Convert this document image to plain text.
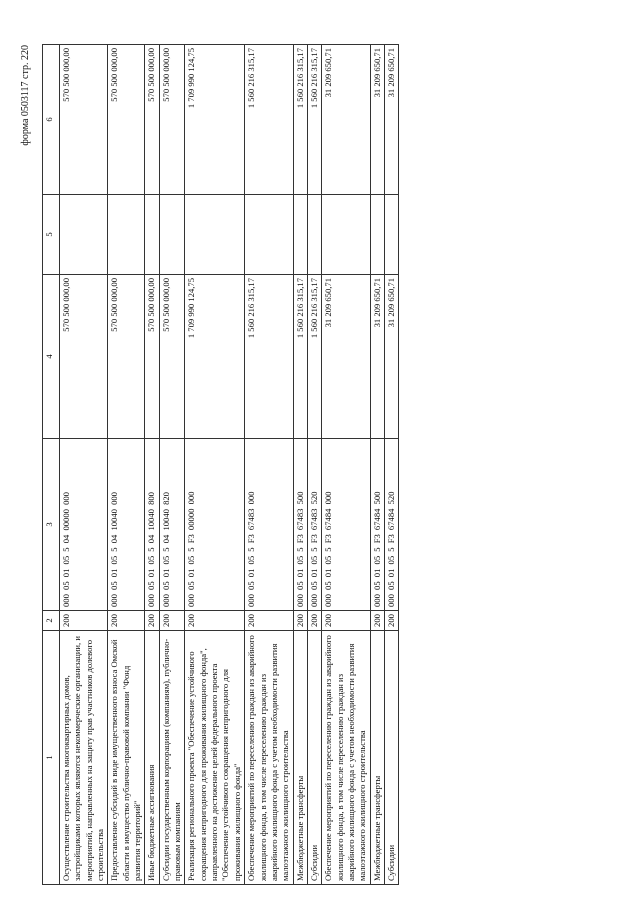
форма 0503117 стр. 220
1	2	3	4	5	6
Осуществление строительства многоквартирных домов, застройщиками которых являются некоммерческие организации, и мероприятий, направленных на защиту прав участников долевого строительства	200	000 05 01 05 5 04 00000 000	570 500 000,00		570 500 000,00
Предоставление субсидий в виде имущественного взноса Омской области в имущество публично-правовой компании "Фонд развития территорий"	200	000 05 01 05 5 04 10040 000	570 500 000,00		570 500 000,00
Иные бюджетные ассигнования	200	000 05 01 05 5 04 10040 800	570 500 000,00		570 500 000,00
Субсидии государственным корпорациям (компаниям), публично-правовым компаниям	200	000 05 01 05 5 04 10040 820	570 500 000,00		570 500 000,00
Реализация регионального проекта "Обеспечение устойчивого сокращения непригодного для проживания жилищного фонда", направленного на достижение целей федерального проекта "Обеспечение устойчивого сокращения непригодного для проживания жилищного фонда"	200	000 05 01 05 5 F3 00000 000	1 709 990 124,75		1 709 990 124,75
Обеспечение мероприятий по переселению граждан из аварийного жилищного фонда, в том числе переселению граждан из аварийного жилищного фонда с учетом необходимости развития малоэтажного жилищного строительства	200	000 05 01 05 5 F3 67483 000	1 560 216 315,17		1 560 216 315,17
Межбюджетные трансферты	200	000 05 01 05 5 F3 67483 500	1 560 216 315,17		1 560 216 315,17
Субсидии	200	000 05 01 05 5 F3 67483 520	1 560 216 315,17		1 560 216 315,17
Обеспечение мероприятий по переселению граждан из аварийного жилищного фонда, в том числе переселению граждан из аварийного жилищного фонда с учетом необходимости развития малоэтажного жилищного строительства	200	000 05 01 05 5 F3 67484 000	31 209 650,71		31 209 650,71
Межбюджетные трансферты	200	000 05 01 05 5 F3 67484 500	31 209 650,71		31 209 650,71
Субсидии	200	000 05 01 05 5 F3 67484 520	31 209 650,71		31 209 650,71
